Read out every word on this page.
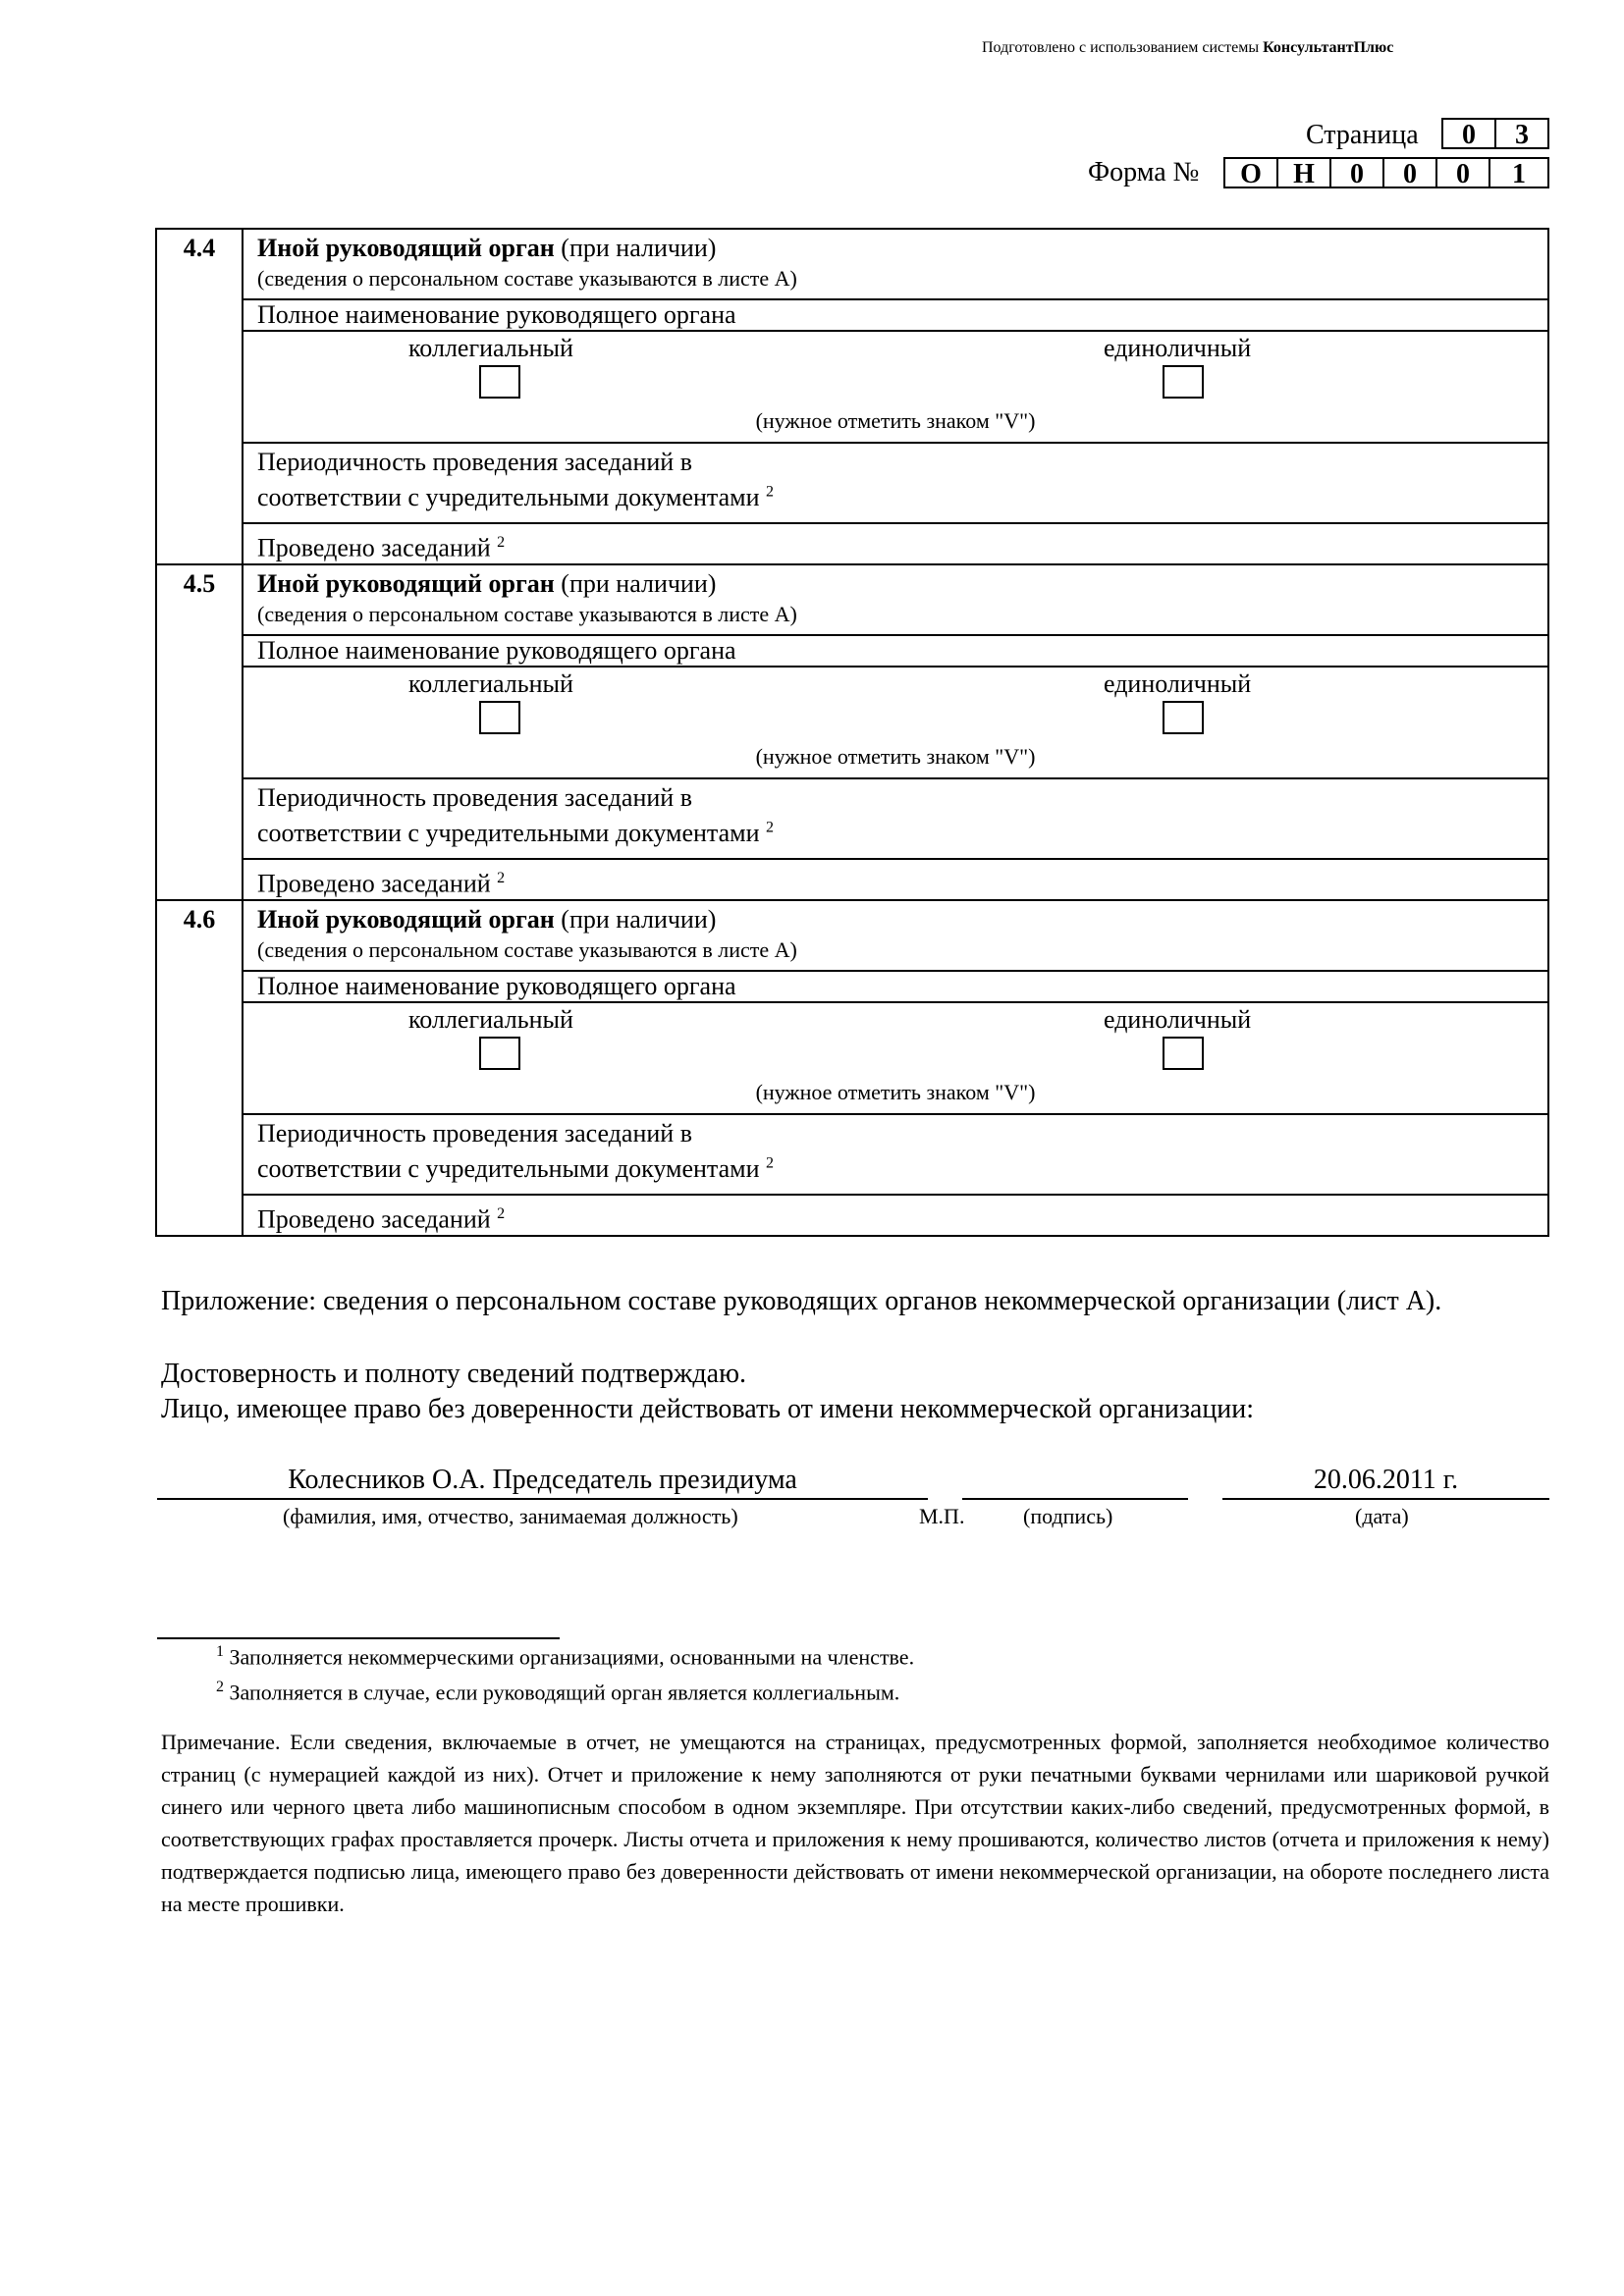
Подготовлено с использованием системы КонсультантПлюс
Страница	0	3
Форма №	О	Н	0	0	0	1
4.4	Иной руководящий орган (при наличии)
(сведения о персональном составе указываются в листе А)
	Полное наименование руководящего органа

	коллегиальный единоличный
(нужное отметить знаком "V")

	Периодичность проведения заседаний в
соответствии с учредительными документами $^2$
	Проведено заседаний $^2$
4.5	Иной руководящий орган (при наличии)
(сведения о персональном составе указываются в листе А)
	Полное наименование руководящего органа

	коллегиальный единоличный
(нужное отметить знаком "V")

	Периодичность проведения заседаний в
соответствии с учредительными документами $^2$
	Проведено заседаний $^2$
4.6	Иной руководящий орган (при наличии)
(сведения о персональном составе указываются в листе А)
	Полное наименование руководящего органа

	коллегиальный единоличный
(нужное отметить знаком "V")

	Периодичность проведения заседаний в
соответствии с учредительными документами $^2$
	Проведено заседаний $^2$
Приложение: сведения о персональном составе руководящих органов некоммерческой организации (лист А).
Достоверность и полноту сведений подтверждаю.
Лицо, имеющее право без доверенности действовать от имени некоммерческой организации:
Колесников О.А. Председатель президиума	20.06.2011 г.
(фамилия, имя, отчество, занимаемая должность)	М.П.	(подпись)	(дата)
$^1$ Заполняется некоммерческими организациями, основанными на членстве.
$^2$ Заполняется в случае, если руководящий орган является коллегиальным.
Примечание. Если сведения, включаемые в отчет, не умещаются на страницах, предусмотренных формой, заполняется необходимое количество страниц (с нумерацией каждой из них). Отчет и приложение к нему заполняются от руки печатными буквами чернилами или шариковой ручкой синего или черного цвета либо машинописным способом в одном экземпляре. При отсутствии каких-либо сведений, предусмотренных формой, в соответствующих графах проставляется прочерк. Листы отчета и приложения к нему прошиваются, количество листов (отчета и приложения к нему) подтверждается подписью лица, имеющего право без доверенности действовать от имени некоммерческой организации, на обороте последнего листа на месте прошивки.
